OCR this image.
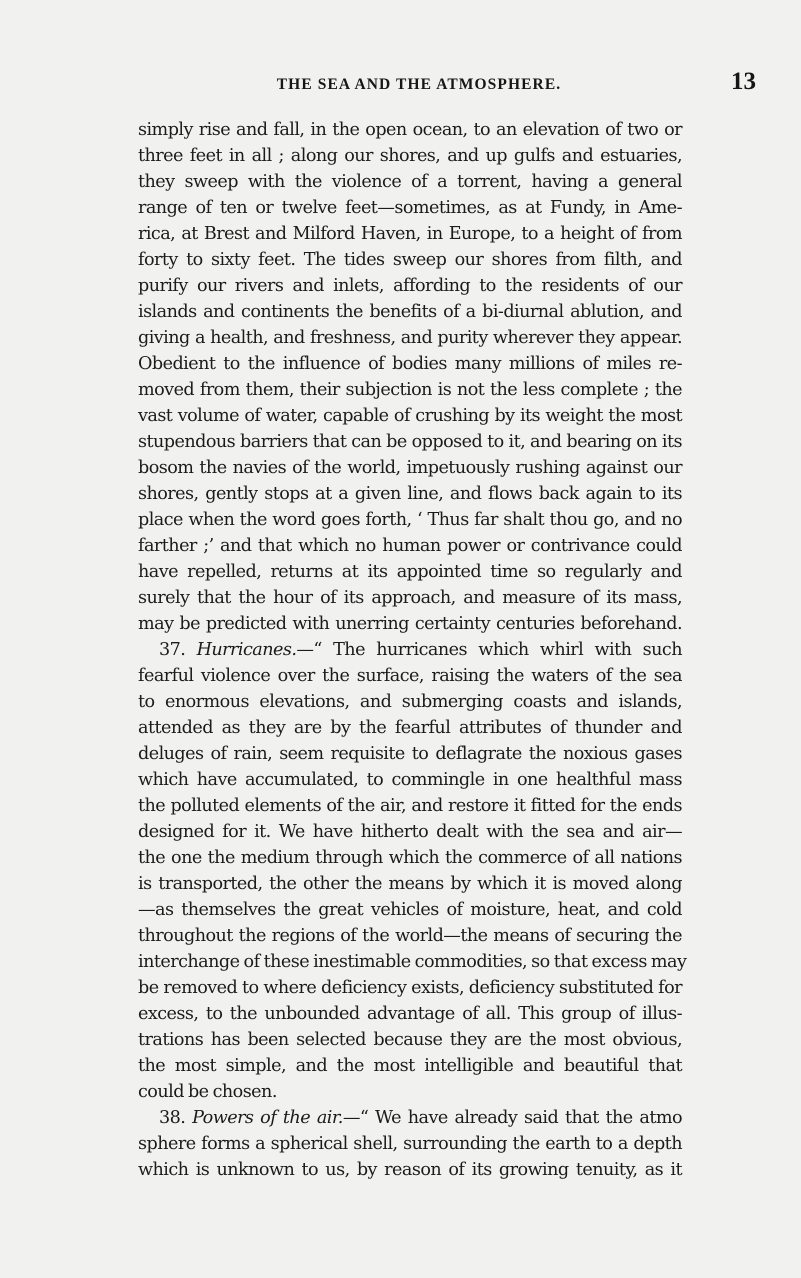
THE SEA AND THE ATMOSPHERE.	13
simply rise and fall, in the open ocean, to an elevation of two or
three feet in all ; along our shores, and up gulfs and estuaries,
they sweep with the violence of a torrent, having a general
range of ten or twelve feet—sometimes, as at Fundy, in Ame-
rica, at Brest and Milford Haven, in Europe, to a height of from
forty to sixty feet. The tides sweep our shores from filth, and
purify our rivers and inlets, affording to the residents of our
islands and continents the benefits of a bi-diurnal ablution, and
giving a health, and freshness, and purity wherever they appear.
Obedient to the influence of bodies many millions of miles re-
moved from them, their subjection is not the less complete ; the
vast volume of water, capable of crushing by its weight the most
stupendous barriers that can be opposed to it, and bearing on its
bosom the navies of the world, impetuously rushing against our
shores, gently stops at a given line, and flows back again to its
place when the word goes forth, ‘ Thus far shalt thou go, and no
farther ;’ and that which no human power or contrivance could
have repelled, returns at its appointed time so regularly and
surely that the hour of its approach, and measure of its mass,
may be predicted with unerring certainty centuries beforehand.
37. Hurricanes.—“ The hurricanes which whirl with such
fearful violence over the surface, raising the waters of the sea
to enormous elevations, and submerging coasts and islands,
attended as they are by the fearful attributes of thunder and
deluges of rain, seem requisite to deflagrate the noxious gases
which have accumulated, to commingle in one healthful mass
the polluted elements of the air, and restore it fitted for the ends
designed for it. We have hitherto dealt with the sea and air—
the one the medium through which the commerce of all nations
is transported, the other the means by which it is moved along
—as themselves the great vehicles of moisture, heat, and cold
throughout the regions of the world—the means of securing the
interchange of these inestimable commodities, so that excess may
be removed to where deficiency exists, deficiency substituted for
excess, to the unbounded advantage of all. This group of illus-
trations has been selected because they are the most obvious,
the most simple, and the most intelligible and beautiful that
could be chosen.
38. Powers of the air.—“ We have already said that the atmo
sphere forms a spherical shell, surrounding the earth to a depth
which is unknown to us, by reason of its growing tenuity, as it
